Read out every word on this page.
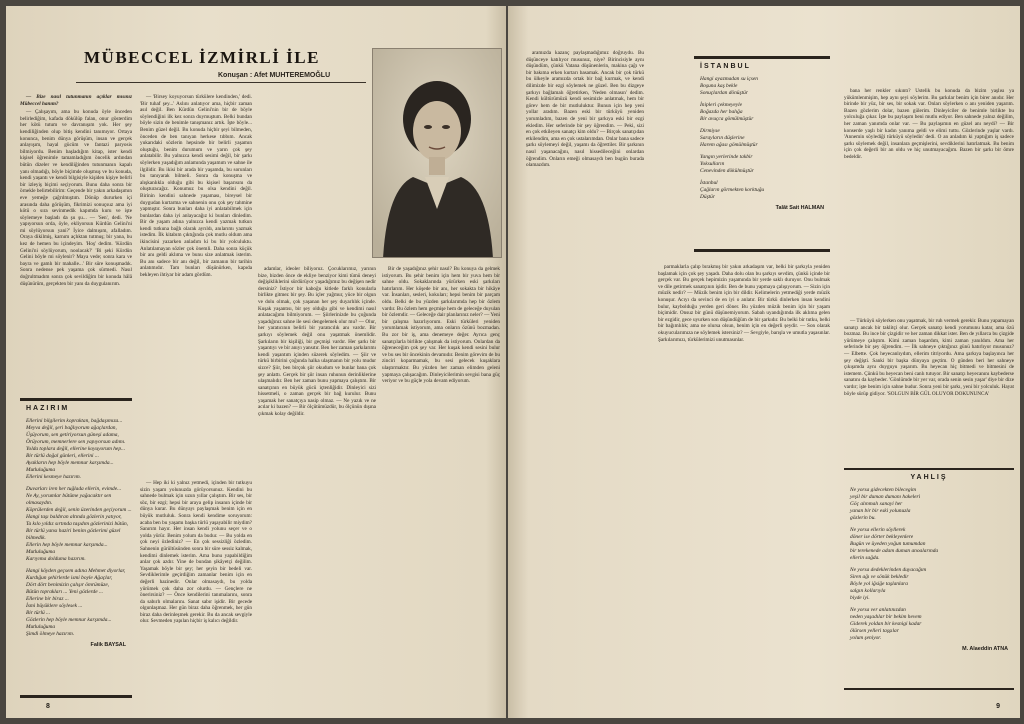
MÜBECCEL İZMİRLİ İLE
Konuşan : Afet MUHTEREMOĞLU

— Bize nasıl tutunmanın açıklar mısınız Mübeccel hanım?

— Çalışayım, ama bu konuda öyle önceden belirlediğim, kafada dökülüp falan, onur gösterdim her kötü tutum ve davranışım yok. Her şey kendiliğinden olup bitiş kendini tanımıyor. Ortaya konunca, benim dünya görüşüm, insan ve gerçek anlayışım, hayal gücüm ve fantazi paryosis bilmiyordu. Benim başladığım kitap, ister kendi kişisel öğrenimle tamamladığım öncelik ardından bütün dizeler ve kendiliğinden tutunmanın kapalı yanı olmadığı, böyle biçimde oluşmuş ve bu konuda, kendi yaşantı ve kendi bilgisiyle kişiden kişiye belirli bir izleyiş biçimi seçiyorum. Bunu daha sonra bir örnekle belirtebilirim: Geçende bir yakın arkadaşımın eve yemeğe çağrılmıştım. Dönüp dururken içi arasında daha görüşüm, fikrimizi sonuçsuz ama iyi kötü o sıra sevinmedik kapımda kuru ve işte söylemeye başladı da şu şu... — 'Sen', dedi. 'Ne yapıyorsun orda, öyle, ekliyorsun Kürdün Gelini'ni mi söylüyorsun yani?' İyice dalmışım, afalladım. Oraya dikilmiş, karnım açlıktan tutmuş; bir yana, bu kez de hemen bu içindeyim. 'Hoş' dedim. 'Kürdün Gelini'ni söylüyorum, noolacak?' 'Bi şeki Kürdün Gelini böyle mi söylenir? Maya vede; sonra kara ve bayra ve gamlı bir mahalle...' Bir süre konuşmadık. Sonra nedense pek yaşama çok sürmedi. Nasıl doğrultmadım sonra çok sevildiğim bir konuda hâlâ düşünürüm, gerçekten bir yanı da duygulanırım.

— 'Birsey koyuyorsun türkülere kendinden,' dedi. 'Bir tuhaf şey...' Aslını anlatıyor ama, hiçbir zaman asıl değil. Ben Kürdün Gelini'nin bir de böyle söylendiğini ilk kez sonra duymuştum. Belki bundan böyle sizin de benimle tanışmanız artık. İşte böyle... Benim güzel değil. Bu konuda hiçbir şeyi bilmeden, önceden de ben tanıyan herkese tıbbım. Ancak yukarıdaki sözlerin hepsinde bir belirli yaşamın oluştuğu, benim durumum ve yarın çok şey anlatabilir. Bu yalnızca kendi sesimi değil, bir şarkı söylerken yaşadığım anlamında yaşamım ve sahne ile ilgilidir. Bu ikisi bir arada bir yaşamda, bu sorunları bu tanıyarak bilmeli. Sonra da konuşma ve alışkanlıkla olduğu gibi bu kişisel başarısını da oluşturacağız. Konumuz bu olsa kendini değil. Birinin kendini sahnede yaşaması, bireysel bir duygudan kurtarma ve sahnenin onu çok şey tahmine yapmıştır. Sonra bunları daha iyi anlatabilmek için bunlardan daha iyi anlayacağız ki bunları dinledim. Bir de yaşam adına yalnızca kendi yazmak tutkun kendi tutkuna bağlı olarak ayrıldı, anılarımı yazmak istedim. İlk kitabım çıktığında çok mutlu oldum ama ikincisini yazarken anladım ki bu bir yolculuktu. Anlatılamayan sözler çok önemli. Daha sonra küçük bir anı geldi aklıma ve bunu size anlatmak isterim. Bu anı sadece bir anı değil, bir zamanın bir tarihin anlatımıdır. Tam bunları düşünürken, kapıda bekleyen ihtiyar bir adam gördüm.

adamlar, ideoler biliyoruz. Çocuklarımız, yarının bize, bizden önce de ekliye benziyor kimi tümü deneyi değişikliklerini sürdürüyor yaşadığımız bu değişen nedir dersiniz? İstiyor bir kaboğu kitlede farklı konularla birlikte gitmez bir şey. Bu içler yağmur, yüce bir olgun ve dolu olmak, çok yaşanan her şey duyarlılık içinde. Kuşak yaşantısı, bir şey olduğu gibi ve kendimi nasıl anlatacağımı bilmiyorum. — Şiirlerinizde bu çoğunda yaşadığınız sahne ile sesi dengelemek olur mu? — Olur, her yaratıcının belirli bir yaratıcılık anı vardır. Bir şarkıyı söylemek değil onu yaşatmak önemlidir. Şarkıların bir kişiliği, bir geçmişi vardır. Her şarkı bir yaşantıyı ve bir anıyı yansıtır. Ben her zaman şarkılarımı kendi yaşantım içinden süzerek söyledim. — Şiir ve türkü birbirini çoğunda halka ulaşmanın bir yolu mudur sizce? Şiir, ben birçok şiir okudum ve bunlar bana çok şey anlattı. Gerçek bir şiir insan ruhunun derinliklerine ulaşmalıdır. Ben her zaman bunu yapmaya çalıştım. Bir sanatçının en büyük gücü içtenliğidir. Dinleyici sizi hissetmeli, o zaman gerçek bir bağ kurulur. Bunu yaşamak her sanatçıya nasip olmaz. — Ne yazık ve ne acılar ki bazen? — Bir ölçütümüzdür, bu ölçünün dışına çıkmak kolay değildir.

— Hep iki ki yalnız yetmedi, içinden bir tutkuyu sizin yaşam yolunuzda görüyorsunuz. Kendini bu sahnede bulmak için uzun yıllar çalıştım. Bir ses, bir söz, bir ezgi; hepsi bir araya gelip insanın içinde bir dünya kurar. Bu dünyayı paylaşmak benim için en büyük mutluluk. Sonra kendi kendime soruyorum: acaba ben bu yaşamı başka türlü yaşayabilir miydim? Sanırım hayır. Her insan kendi yolunu seçer ve o yolda yürür. Benim yolum da budur. — Bu yolda en çok neyi özlediniz? — En çok sessizliği özledim. Sahnenin gürültüsünden sonra bir süre sessiz kalmak, kendimi dinlemek isterim. Ama bunu yapabildiğim anlar çok azdır. Yine de bundan şikâyetçi değilim. Yaşamak böyle bir şey; her şeyin bir bedeli var. Sevdiklerimle geçirdiğim zamanlar benim için en değerli hazinedir. Onlar olmasaydı, bu yolda yürümek çok daha zor olurdu. — Gençlere ne önerirsiniz? — Önce kendilerini tanımalarını, sonra da sabırlı olmalarını. Sanat sabır işidir. Bir gecede olgunlaşmaz. Her gün biraz daha öğrenmek, her gün biraz daha derinleşmek gerekir. Bu da ancak sevgiyle olur. Sevmeden yapılan hiçbir iş kalıcı değildir.

Bir de yaşadığınız şehir nasıl? Bu konuya da gelmek istiyorum. Bu şehir benim için hem bir yuva hem bir sahne oldu. Sokaklarında yürürken eski şarkıları hatırlarım. Her köşede bir anı, her sokakta bir hikâye var. İnsanları, sesleri, kokuları; hepsi benim bir parçam oldu. Belki de bu yüzden şarkılarımda hep bir özlem vardır. Bu özlem hem geçmişe hem de geleceğe duyulan bir özlemdir. — Geleceğe dair planlarınız neler? — Yeni bir çalışma hazırlıyorum. Eski türküleri yeniden yorumlamak istiyorum, ama onların özünü bozmadan. Bu zor bir iş, ama denemeye değer. Ayrıca genç sanatçılarla birlikte çalışmak da istiyorum. Onlardan da öğreneceğim çok şey var. Her kuşak kendi sesini bulur ve bu ses bir öncekinin devamıdır. Benim görevim de bu zinciri koparmamak, bu sesi gelecek kuşaklara ulaştırmaktır. Bu yüzden her zaman elimden geleni yapmaya çalışacağım. Dinleyicilerimin sevgisi bana güç veriyor ve bu güçle yola devam ediyorum.

HAZIRIM
Ellerini bilgilerim kopraktan, bağdaşımıza...
Meyva değil, şeri bağlıyorum ağaçlardan,
Üşüyorum, sen getiriyorsun güneşi adama,
Örüyorum, memnerlere sen yapıyorsun adımı.
Yolda toplara değil, ellerine koyuyorum hep...
Bir türlü doğal günleri, ellerini ...
Ayakların hep böyle memnur karşımda...
Mutluluğuma
Ellerini kesmeye hazırım.
Duvarları iren her tuğlada ellerin, evimde...
Ne Ay, yorumlar bütüme yağacaktır sen olmasaydın.
Köprülerden değil, senin üzerinden geçiyorum ...
Hangi taşı baldıran altında gözlerin yatıyor,
Ta kılo yıldız sırtında taşıdım gözlerinizi bütün,
Bir türlü yansı haziri benim gözlerimi güzel bilmedik.
Ellerin hep böyle memnur karşımda...
Mutluluğuma
Karıyıma dolduma hazırım.
Hangi köyden geçsem adına Mehmet diyorlar,
Kurdığun şehirlerde ismi boyle Ağaçlar,
Dört dört benimizin çalışır ömrümüze,
Bütün toprakları ... Yeni gözlerde ...
Ellerine bir biraz ...
İsmi büyüklere söylesek ...
Bir türlü ...
Gözlerin hep böyle memnur karşımda...
Mutluluğuma
Şimdi ölmeye hazırım.
Falik BAYSAL
8

aramızda kazanç paylaşmadığımız doğruydu. Bu düşünceye katılıyor musunuz, niye? Birincisiyle aynı düşündüm, çünkü Vatana düşünenlerin, makina çağı ve bir bakıma erken kurtarı basamak. Ancak bir çok türkü bu ülkeyle aramızda ortak bir bağ kurmak, ve kendi dilimizde bir ezgi söylemek ne güzel. Ben bu dizgeye şarkıyı bağlamalı öğretirken, 'Neden olmasın' dedim. Kendi kültürümüzü kendi sesimizle anlatmak, hem bir görev hem de bir mutluluktur. Bunun için hep yeni yollar aradım. Bazen eski bir türküyü yeniden yorumladım, bazen de yeni bir şarkıya eski bir ezgi ekledim. Her seferinde bir şey öğrendim. — Peki, sizi en çok etkileyen sanatçı kim oldu? — Birçok sanatçıdan etkilendim, ama en çok ustalarımdan. Onlar bana sadece şarkı söylemeyi değil, yaşamı da öğrettiler. Bir şarkının nasıl yaşanacağını, nasıl hissedileceğini onlardan öğrendim. Onların emeği olmasaydı ben bugün burada olamazdım.

parmaklarla çalıp bırakmış bir yakın arkadaşım var, belki bir şarkıyla yeniden başlamak için çok şey yaşadı. Daha dolu olan bu şarkıyı sevdim, çünkü içinde bir gerçek var. Bu gerçek hepimizin yaşamında bir yerde saklı duruyor. Onu bulmak ve dile getirmek sanatçının işidir. Ben de bunu yapmaya çalışıyorum. — Sizin için müzik nedir? — Müzik benim için bir dildir. Kelimelerin yetmediği yerde müzik konuşur. Acıyı da sevinci de en iyi o anlatır. Bir türkü dinlerken insan kendini bulur, kaybolduğu yerden geri döner. Bu yüzden müzik benim için bir yaşam biçimidir. Onsuz bir günü düşünemiyorum. Sabah uyandığımda ilk aklıma gelen bir ezgidir, gece uyurken son düşündüğüm de bir şarkıdır. Bu belki bir tutku, belki bir bağımlılık; ama ne olursa olsun, benim için en değerli şeydir. — Son olarak okuyucularımıza ne söylemek istersiniz? — Sevgiyle, barışla ve umutla yaşasınlar. Şarkılarımızı, türkülerimizi unutmasınlar.

İSTANBUL
Hangi ayazmadan su içsen
Boşuna kaş bekle
Sonuçlardan dönüştür
İnipleri çekmeyeyle
Boğazda her balığa
Bir avuçca gömülmüştür
Dirmiyse
Sarayların düşlerine
Harem ağası gömülmüştür
Yangın yerlerinde takbir
Yoksulların
Cenevinden dökülmüştür
İstanbul
Çağların görmekten korktuğu
Düştür
Talât Sait HALMAN

bana her renkler sıkıntı? Üstelik bu konuda da bizim yaşlısı ya yükümlenmişim, hep aynı şeyi söylerim. Bu şarkılar benim için birer anıdır. Her birinde bir yüz, bir ses, bir sokak var. Onları söylerken o anı yeniden yaşarım. Bazen gözlerim dolar, bazen gülerim. Dinleyiciler de benimle birlikte bu yolculuğa çıkar. İşte bu paylaşım beni mutlu ediyor. Ben sahnede yalnız değilim, her zaman yanımda onlar var. — Bu paylaşımın en güzel anı neydi? — Bir konserde yaşlı bir kadın yanıma geldi ve elimi tuttu. Gözlerinde yaşlar vardı. 'Annemin söylediği türküyü söyledin' dedi. O an anladım ki yaptığım iş sadece şarkı söylemek değil, insanlara geçmişlerini, sevdiklerini hatırlatmak. Bu benim için çok değerli bir an oldu ve hiç unutmayacağım. Bazen bir şarkı bir ömre bedeldir.

— Türküyü söylerken onu yaşatmak, bir ruh vermek gerekir. Bunu yapamayan sanatçı ancak bir taklitçi olur. Gerçek sanatçı kendi yorumunu katar, ama özü bozmaz. Bu ince bir çizgidir ve her zaman dikkat ister. Ben de yıllarca bu çizgide yürümeye çalıştım. Kimi zaman başardım, kimi zaman yanıldım. Ama her seferinde bir şey öğrendim. — İlk sahneye çıktığınız günü hatırlıyor musunuz? — Elbette. Çok heyecanlıydım, ellerim titriyordu. Ama şarkıya başlayınca her şey değişti. Sanki bir başka dünyaya geçtim. O günden beri her sahneye çıkışımda aynı duyguyu yaşarım. Bu heyecan hiç bitmedi ve bitmesini de istemem. Çünkü bu heyecan beni canlı tutuyor. Bir sanatçı heyecanını kaybederse sanatını da kaybeder. 'Gönlümde bir yer var, orada senin sesin yaşar' diye bir dize vardır; işte benim için sahne budur. Sonra yeni bir şarkı, yeni bir yolculuk. Hayat böyle sürüp gidiyor. 'SOLGUN BİR GÜL OLUYOR DOKUNUNCA'

YAHLIŞ
Ne yorsa gidecekten bilecegim
yeşil bir duman dumanı hakeleri
Göç alınmalı sanayi her
yanan bir bir eski yolunuzla
gözlerin bu.
Ne yorsa ellerin söyllerek
döner ise dörter bekleyenlere
Bugün ve üyeden yoğun tumumdan
bir terekenede adam duman anoalarında
ellerin sağda.
Ne yorsa dedeklerinden duyacağım
Siren ağı ve sönük bekledir
Böyle yol iğsiğe taşlanlara
salgın kollarıyla
biyde iyi.
Ne yorsa ver anlatınızdan
neden yaşadılar bir bekim hevem
Giderek yoldan bir kesnigi kadar
ölürsen yelleri taşşılar
yolum şeniyor.
M. Alaeddin ATNA
9
